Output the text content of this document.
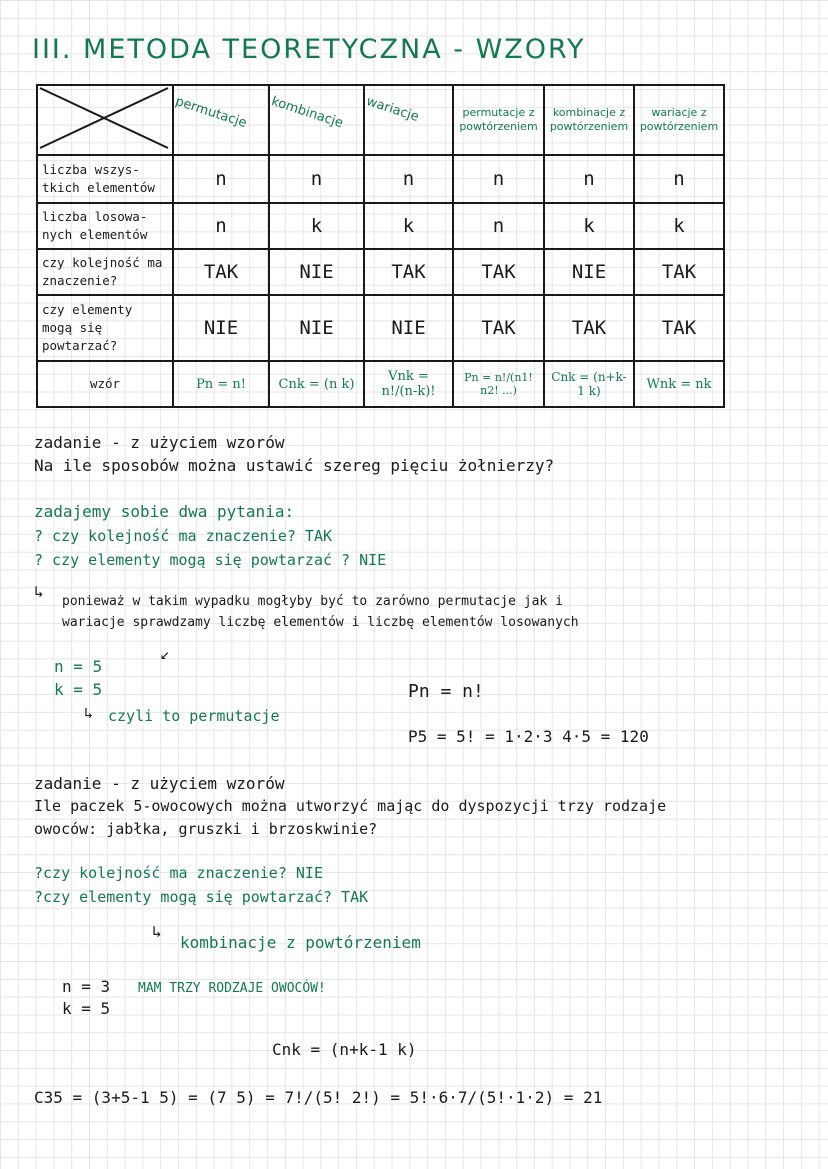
III. METODA TEORETYCZNA - WZORY
	permutacje	kombinacje	wariacje	permutacje z powtórzeniem	kombinacje z powtórzeniem	wariacje z powtórzeniem

liczba wszys- tkich elementów	n	n	n	n	n	n
liczba losowa- nych elementów	n	k	k	n	k	k
czy kolejność ma znaczenie?	TAK	NIE	TAK	TAK	NIE	TAK
czy elementy mogą się powtarzać?	NIE	NIE	NIE	TAK	TAK	TAK
wzór	Pn = n!	Cnk = (n k)	Vnk = n!/(n-k)!	Pn = n!/(n1! n2! ...)	Cnk = (n+k-1 k)	Wnk = nk
zadanie - z użyciem wzorów
Na ile sposobów można ustawić szereg pięciu żołnierzy?
zadajemy sobie dwa pytania:
? czy kolejność ma znaczenie? TAK
? czy elementy mogą się powtarzać ? NIE
↳
ponieważ w takim wypadku mogłyby być to zarówno permutacje jak i
wariacje sprawdzamy liczbę elementów i liczbę elementów losowanych
↙
n = 5
k = 5
↳ czyli to permutacje
Pn = n!
P5 = 5! = 1·2·3 4·5 = 120
zadanie - z użyciem wzorów
Ile paczek 5-owocowych można utworzyć mając do dyspozycji trzy rodzaje
owoców: jabłka, gruszki i brzoskwinie?
?czy kolejność ma znaczenie? NIE
?czy elementy mogą się powtarzać? TAK
↳
kombinacje z powtórzeniem
n = 3 MAM TRZY RODZAJE OWOCÓW!
k = 5
Cnk = (n+k-1 k)
C35 = (3+5-1 5) = (7 5) = 7!/(5! 2!) = 5!·6·7/(5!·1·2) = 21
